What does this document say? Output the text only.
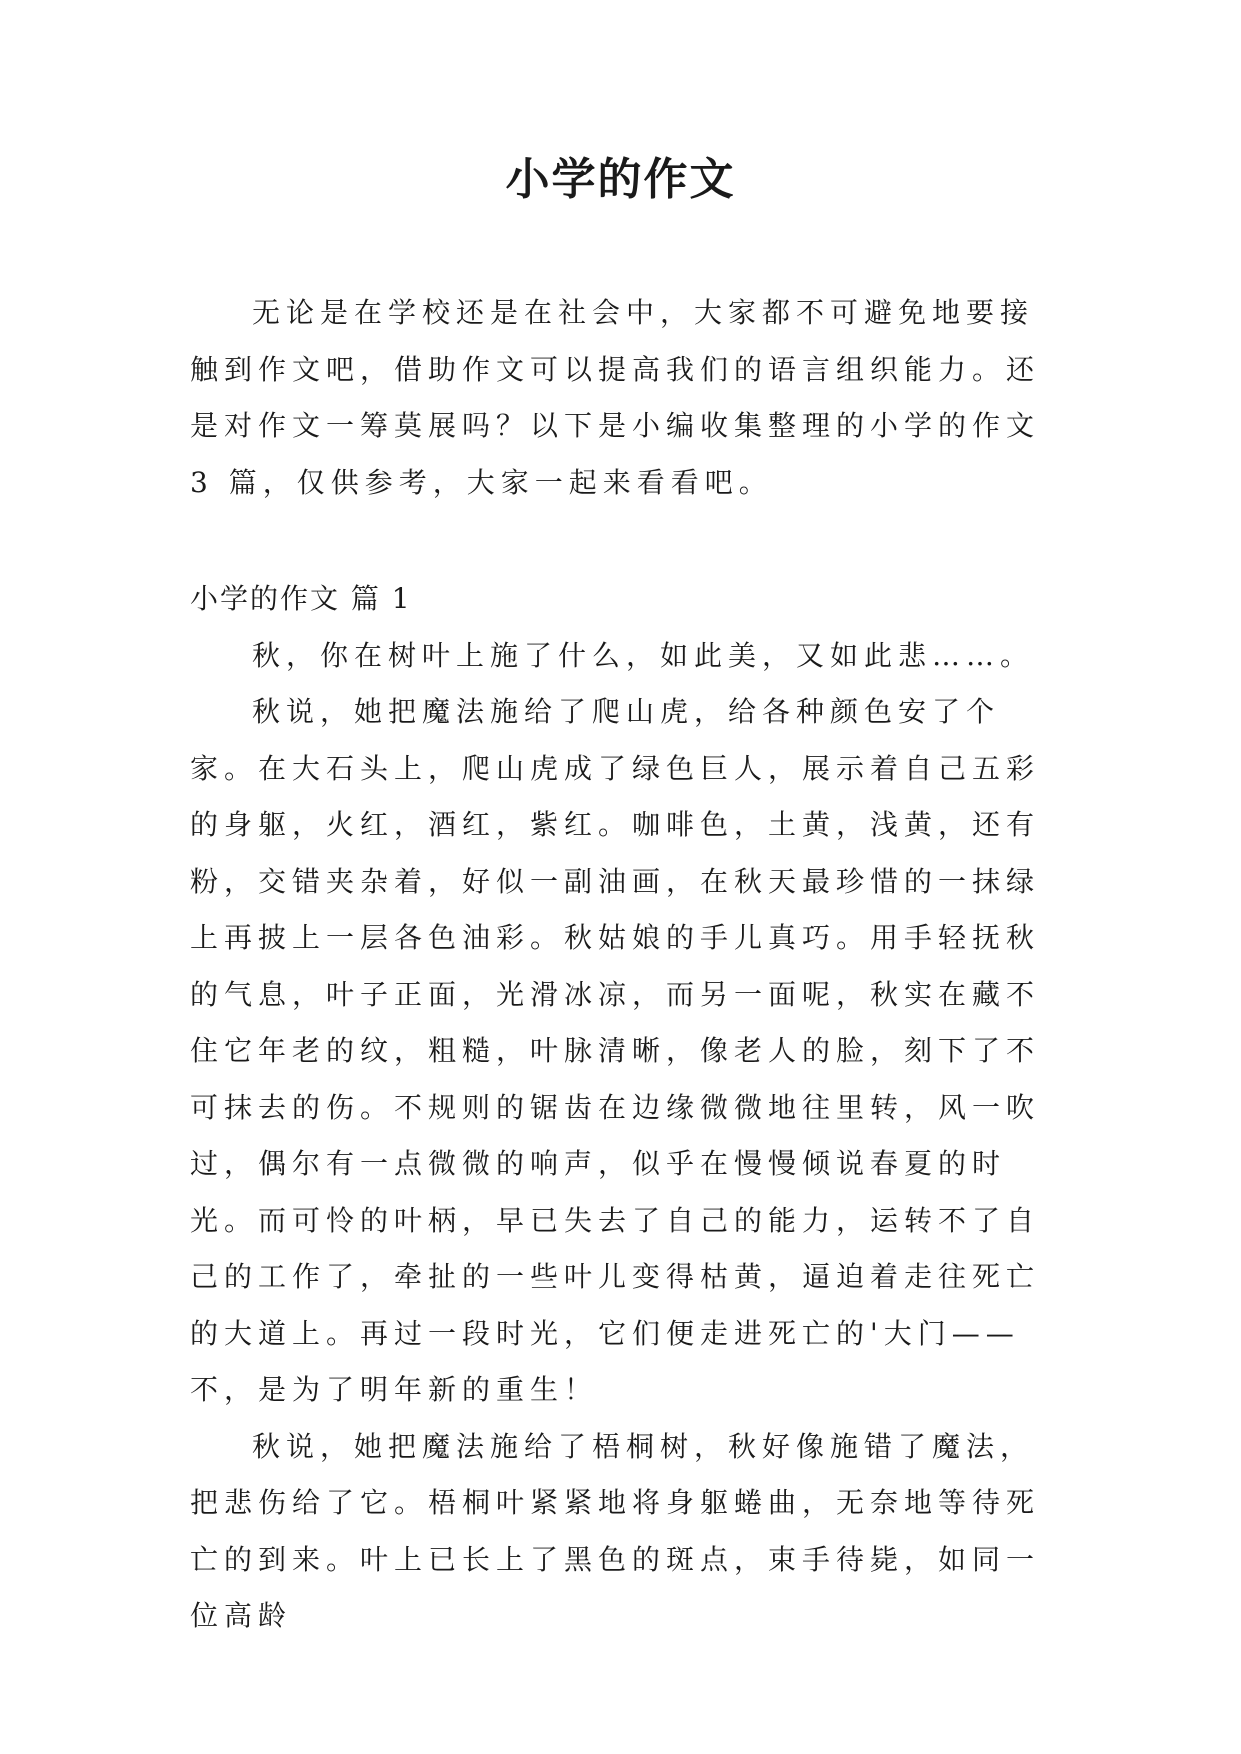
小学的作文

无论是在学校还是在社会中，大家都不可避免地要接触到作文吧，借助作文可以提高我们的语言组织能力。还是对作文一筹莫展吗？以下是小编收集整理的小学的作文 3 篇，仅供参考，大家一起来看看吧。

小学的作文 篇 1

秋，你在树叶上施了什么，如此美，又如此悲……。

秋说，她把魔法施给了爬山虎，给各种颜色安了个家。在大石头上，爬山虎成了绿色巨人，展示着自己五彩的身躯，火红，酒红，紫红。咖啡色，土黄，浅黄，还有粉，交错夹杂着，好似一副油画，在秋天最珍惜的一抹绿上再披上一层各色油彩。秋姑娘的手儿真巧。用手轻抚秋的气息，叶子正面，光滑冰凉，而另一面呢，秋实在藏不住它年老的纹，粗糙，叶脉清晰，像老人的脸，刻下了不可抹去的伤。不规则的锯齿在边缘微微地往里转，风一吹过，偶尔有一点微微的响声，似乎在慢慢倾说春夏的时光。而可怜的叶柄，早已失去了自己的能力，运转不了自己的工作了，牵扯的一些叶儿变得枯黄，逼迫着走往死亡的大道上。再过一段时光，它们便走进死亡的'大门——不，是为了明年新的重生！

秋说，她把魔法施给了梧桐树，秋好像施错了魔法，把悲伤给了它。梧桐叶紧紧地将身躯蜷曲，无奈地等待死亡的到来。叶上已长上了黑色的斑点，束手待毙，如同一位高龄
